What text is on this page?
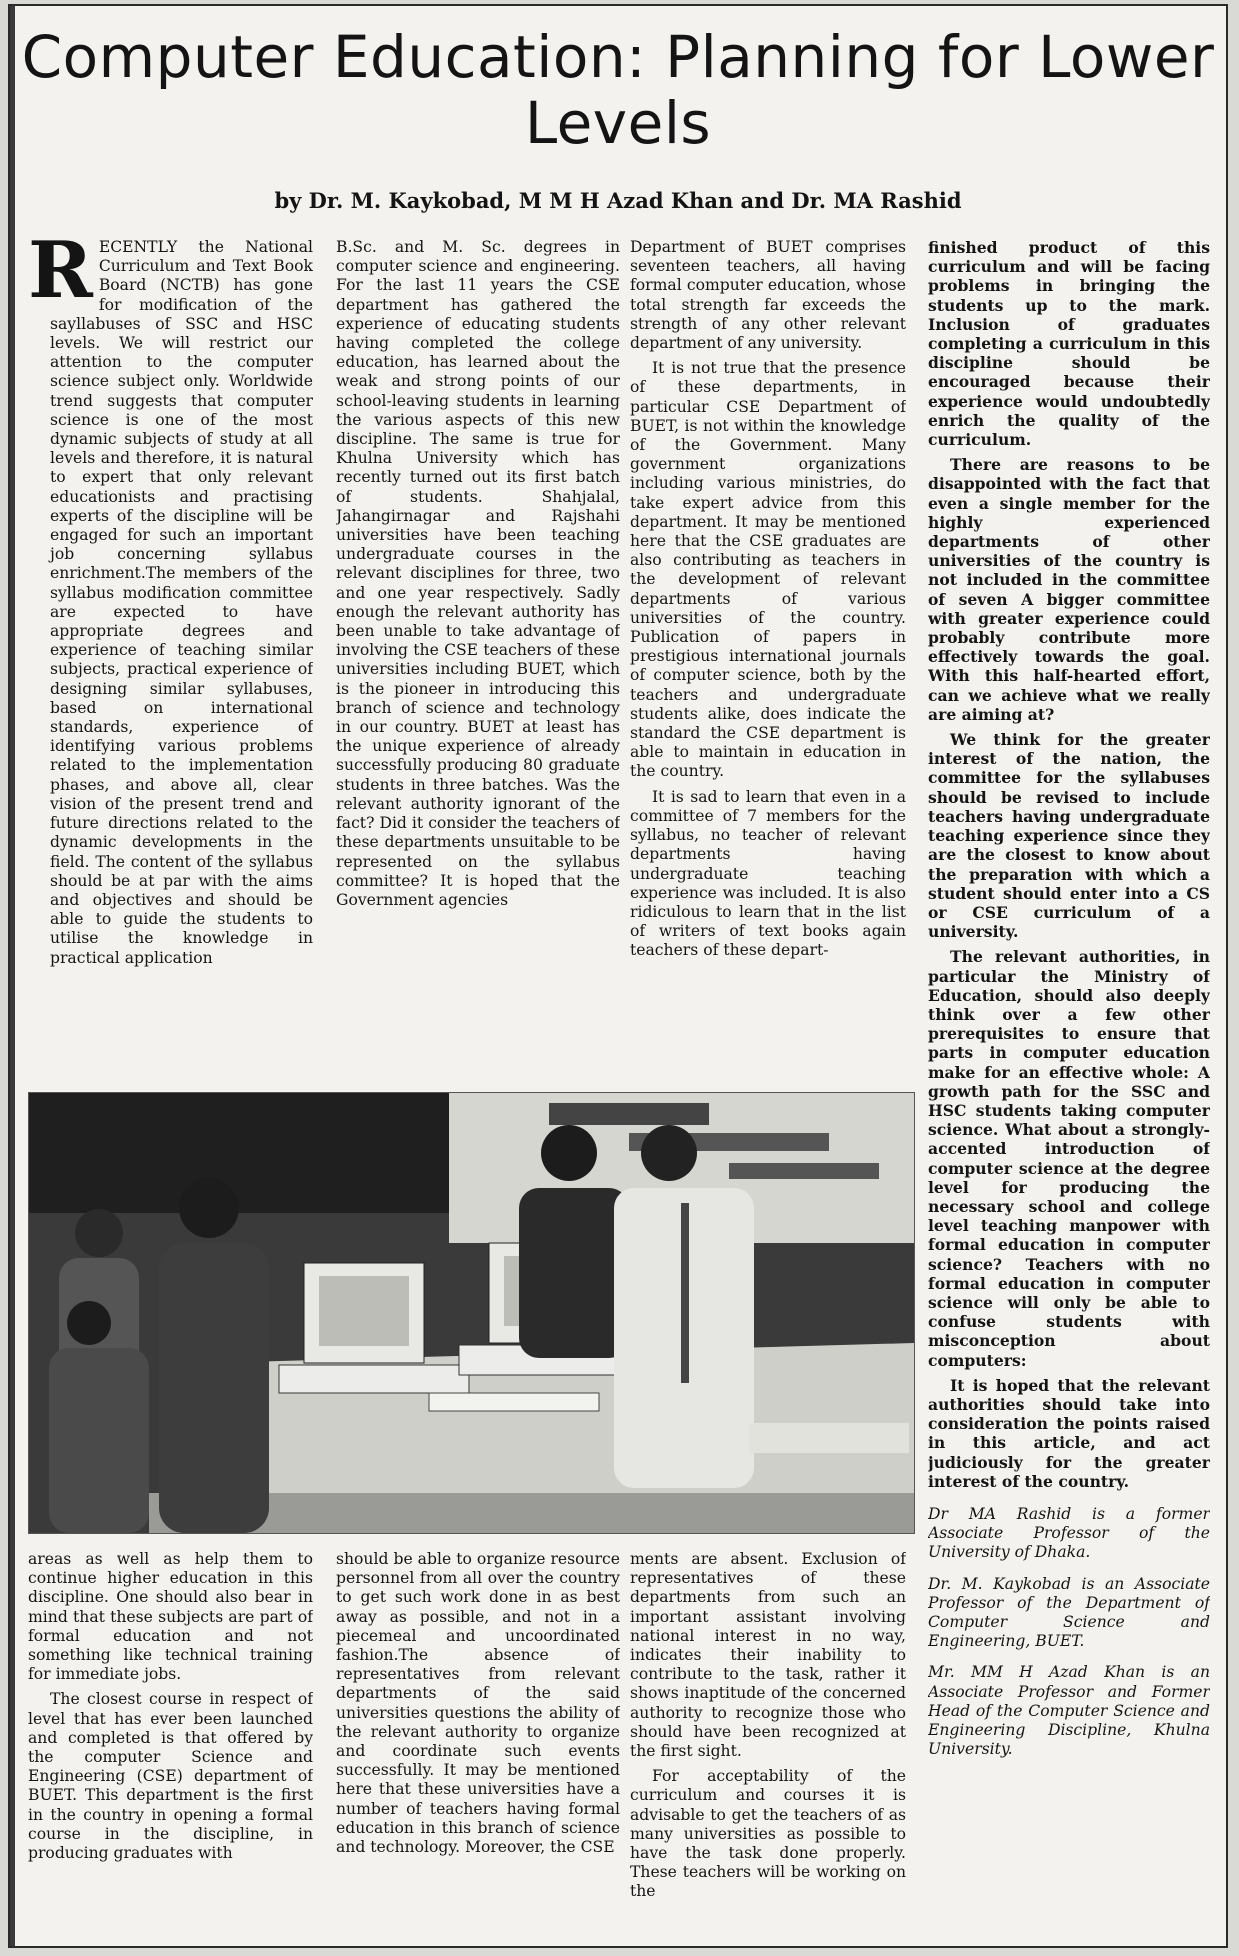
Computer Education: Planning for Lower Levels

by Dr. M. Kaykobad, M M H Azad Khan and Dr. MA Rashid

RECENTLY the National Curriculum and Text Book Board (NCTB) has gone for modification of the sayllabuses of SSC and HSC levels. We will restrict our attention to the computer science subject only. Worldwide trend suggests that computer science is one of the most dynamic subjects of study at all levels and therefore, it is natural to expert that only relevant educationists and practising experts of the discipline will be engaged for such an important job concerning syllabus enrichment.The members of the syllabus modification committee are expected to have appropriate degrees and experience of teaching similar subjects, practical experience of designing similar syllabuses, based on international standards, experience of identifying various problems related to the implementation phases, and above all, clear vision of the present trend and future directions related to the dynamic developments in the field. The content of the syllabus should be at par with the aims and objectives and should be able to guide the students to utilise the knowledge in practical application

B.Sc. and M. Sc. degrees in computer science and engineering. For the last 11 years the CSE department has gathered the experience of educating students having completed the college education, has learned about the weak and strong points of our school-leaving students in learning the various aspects of this new discipline. The same is true for Khulna University which has recently turned out its first batch of students. Shahjalal, Jahangirnagar and Rajshahi universities have been teaching undergraduate courses in the relevant disciplines for three, two and one year respectively. Sadly enough the relevant authority has been unable to take advantage of involving the CSE teachers of these universities including BUET, which is the pioneer in introducing this branch of science and technology in our country. BUET at least has the unique experience of already successfully producing 80 graduate students in three batches. Was the relevant authority ignorant of the fact? Did it consider the teachers of these departments unsuitable to be represented on the syllabus committee? It is hoped that the Government agencies

Department of BUET comprises seventeen teachers, all having formal computer education, whose total strength far exceeds the strength of any other relevant department of any university.

It is not true that the presence of these departments, in particular CSE Department of BUET, is not within the knowledge of the Government. Many government organizations including various ministries, do take expert advice from this department. It may be mentioned here that the CSE graduates are also contributing as teachers in the development of relevant departments of various universities of the country. Publication of papers in prestigious international journals of computer science, both by the teachers and undergraduate students alike, does indicate the standard the CSE department is able to maintain in education in the country.

It is sad to learn that even in a committee of 7 members for the syllabus, no teacher of relevant departments having undergraduate teaching experience was included. It is also ridiculous to learn that in the list of writers of text books again teachers of these depart-

finished product of this curriculum and will be facing problems in bringing the students up to the mark. Inclusion of graduates completing a curriculum in this discipline should be encouraged because their experience would undoubtedly enrich the quality of the curriculum.

There are reasons to be disappointed with the fact that even a single member for the highly experienced departments of other universities of the country is not included in the committee of seven A bigger committee with greater experience could probably contribute more effectively towards the goal. With this half-hearted effort, can we achieve what we really are aiming at?

We think for the greater interest of the nation, the committee for the syllabuses should be revised to include teachers having undergraduate teaching experience since they are the closest to know about the preparation with which a student should enter into a CS or CSE curriculum of a university.

The relevant authorities, in particular the Ministry of Education, should also deeply think over a few other prerequisites to ensure that parts in computer education make for an effective whole: A growth path for the SSC and HSC students taking computer science. What about a strongly-accented introduction of computer science at the degree level for producing the necessary school and college level teaching manpower with formal education in computer science? Teachers with no formal education in computer science will only be able to confuse students with misconception about computers:

It is hoped that the relevant authorities should take into consideration the points raised in this article, and act judiciously for the greater interest of the country.

Dr MA Rashid is a former Associate Professor of the University of Dhaka.

Dr. M. Kaykobad is an Associate Professor of the Department of Computer Science and Engineering, BUET.

Mr. MM H Azad Khan is an Associate Professor and Former Head of the Computer Science and Engineering Discipline, Khulna University.

areas as well as help them to continue higher education in this discipline. One should also bear in mind that these subjects are part of formal education and not something like technical training for immediate jobs.

The closest course in respect of level that has ever been launched and completed is that offered by the computer Science and Engineering (CSE) department of BUET. This department is the first in the country in opening a formal course in the discipline, in producing graduates with

should be able to organize resource personnel from all over the country to get such work done in as best away as possible, and not in a piecemeal and uncoordinated fashion.The absence of representatives from relevant departments of the said universities questions the ability of the relevant authority to organize and coordinate such events successfully. It may be mentioned here that these universities have a number of teachers having formal education in this branch of science and technology. Moreover, the CSE

ments are absent. Exclusion of representatives of these departments from such an important assistant involving national interest in no way, indicates their inability to contribute to the task, rather it shows inaptitude of the concerned authority to recognize those who should have been recognized at the first sight.

For acceptability of the curriculum and courses it is advisable to get the teachers of as many universities as possible to have the task done properly. These teachers will be working on the
